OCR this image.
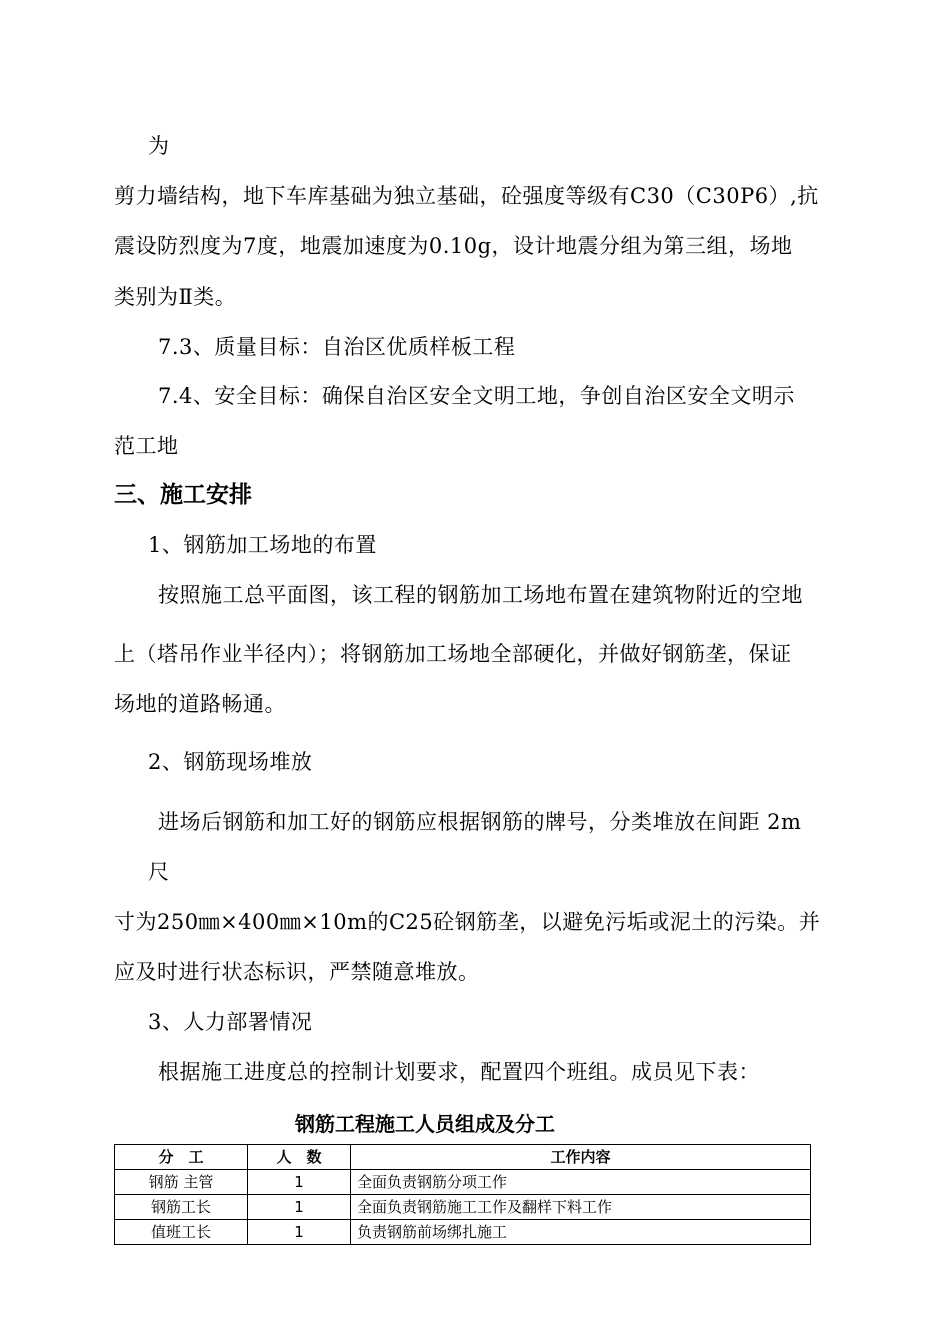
为
剪力墙结构，地下车库基础为独立基础，砼强度等级有C30（C30P6）,抗
震设防烈度为7度，地震加速度为0.10g，设计地震分组为第三组，场地
类别为Ⅱ类。
7.3、质量目标：自治区优质样板工程
7.4、安全目标：确保自治区安全文明工地，争创自治区安全文明示
范工地
三、施工安排
1、钢筋加工场地的布置
按照施工总平面图，该工程的钢筋加工场地布置在建筑物附近的空地
上（塔吊作业半径内）；将钢筋加工场地全部硬化，并做好钢筋垄，保证
场地的道路畅通。
2、钢筋现场堆放
进场后钢筋和加工好的钢筋应根据钢筋的牌号，分类堆放在间距 2m
尺
寸为250㎜×400㎜×10m的C25砼钢筋垄，以避免污垢或泥土的污染。并
应及时进行状态标识，严禁随意堆放。
3、人力部署情况
根据施工进度总的控制计划要求，配置四个班组。成员见下表：
钢筋工程施工人员组成及分工
分　工	人　数	工作内容
钢筋 主管	1	全面负责钢筋分项工作
钢筋工长	1	全面负责钢筋施工工作及翻样下料工作
值班工长	1	负责钢筋前场绑扎施工
